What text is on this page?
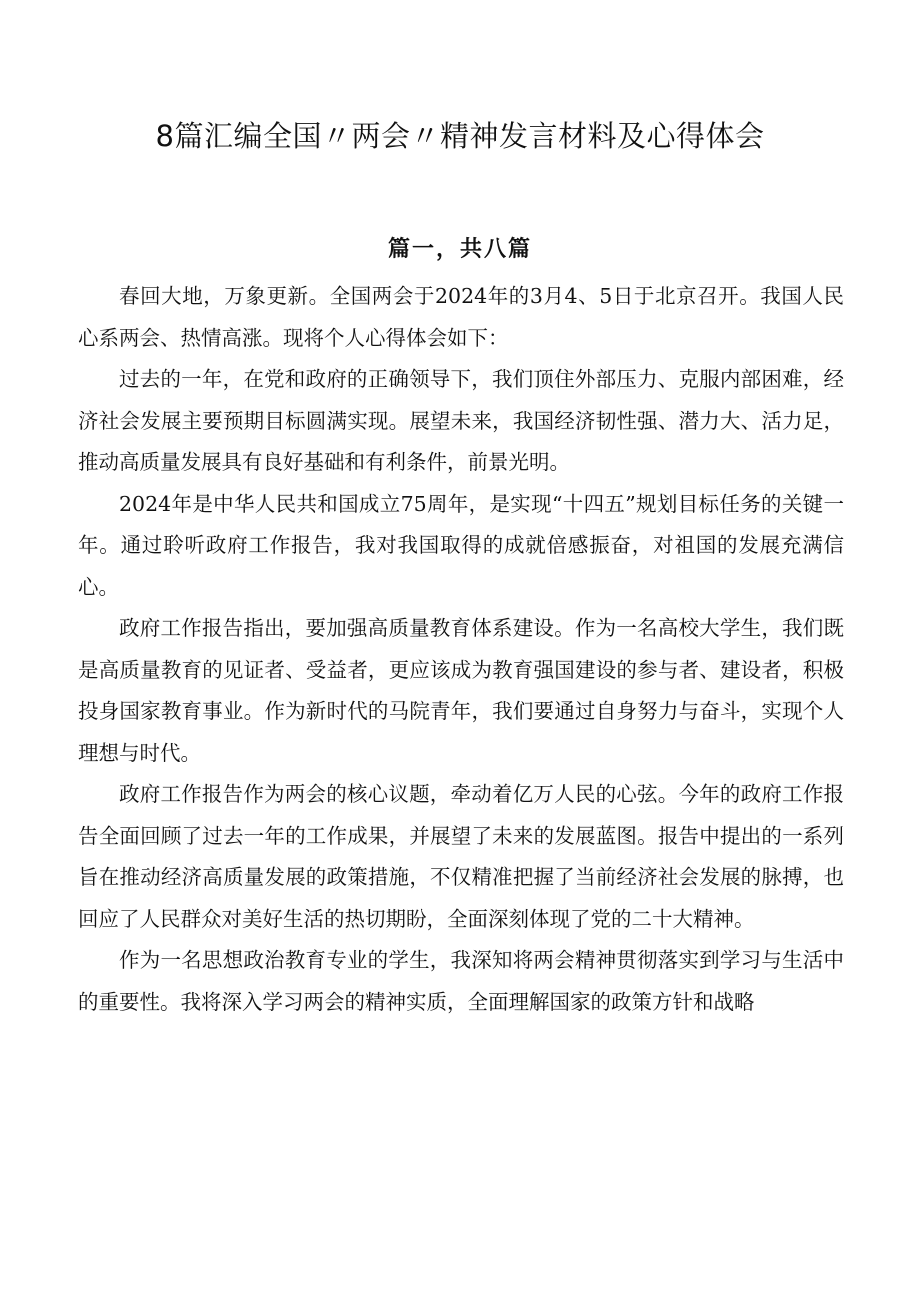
8篇汇编全国〃两会〃精神发言材料及心得体会
篇一，共八篇

春回大地，万象更新。全国两会于2024年的3月4、5日于北京召开。我国人民心系两会、热情高涨。现将个人心得体会如下：

过去的一年，在党和政府的正确领导下，我们顶住外部压力、克服内部困难，经济社会发展主要预期目标圆满实现。展望未来，我国经济韧性强、潜力大、活力足，推动高质量发展具有良好基础和有利条件，前景光明。

2024年是中华人民共和国成立75周年，是实现“十四五”规划目标任务的关键一年。通过聆听政府工作报告，我对我国取得的成就倍感振奋，对祖国的发展充满信心。

政府工作报告指出，要加强高质量教育体系建设。作为一名高校大学生，我们既是高质量教育的见证者、受益者，更应该成为教育强国建设的参与者、建设者，积极投身国家教育事业。作为新时代的马院青年，我们要通过自身努力与奋斗，实现个人理想与时代。

政府工作报告作为两会的核心议题，牵动着亿万人民的心弦。今年的政府工作报告全面回顾了过去一年的工作成果，并展望了未来的发展蓝图。报告中提出的一系列旨在推动经济高质量发展的政策措施，不仅精准把握了当前经济社会发展的脉搏，也回应了人民群众对美好生活的热切期盼，全面深刻体现了党的二十大精神。

作为一名思想政治教育专业的学生，我深知将两会精神贯彻落实到学习与生活中的重要性。我将深入学习两会的精神实质，全面理解国家的政策方针和战略
